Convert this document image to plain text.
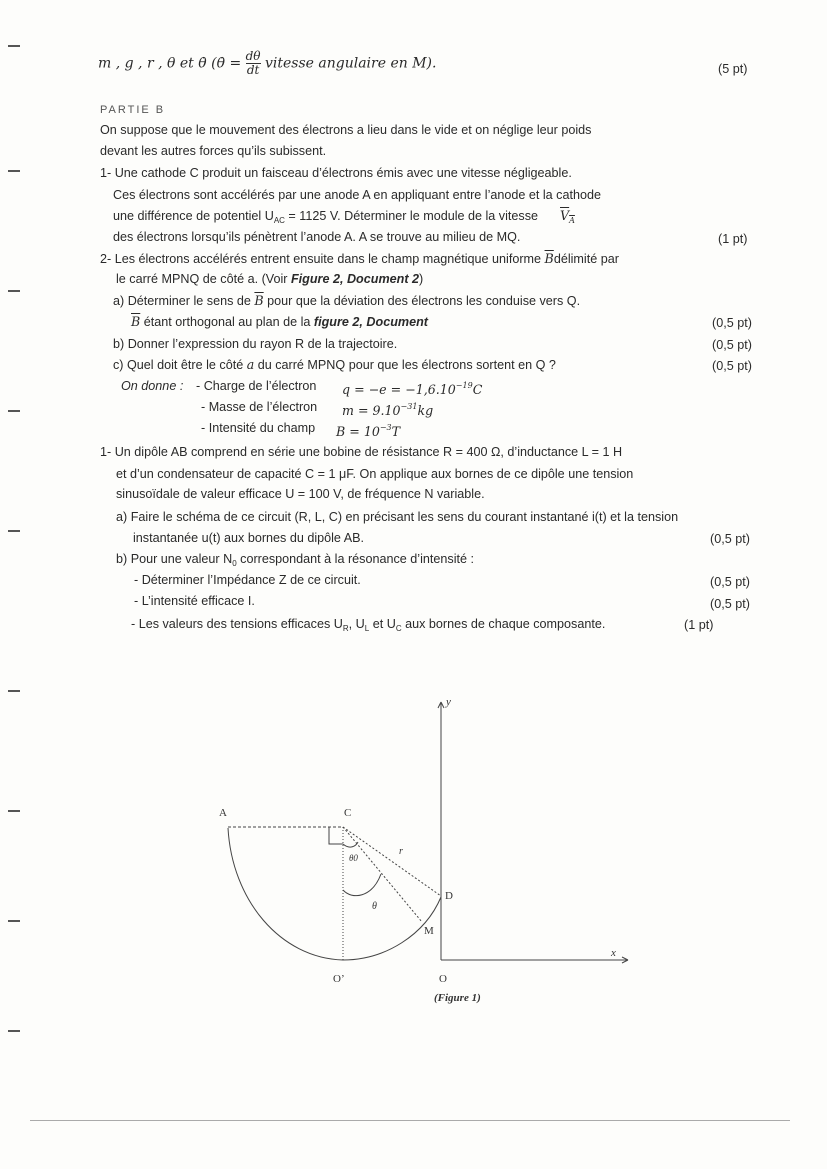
m , g , r , θ et θ̇ (θ̇ = $\frac{d\theta}{dt}$ vitesse angulaire en M).	(5 pt)
PARTIE B
On suppose que le mouvement des électrons a lieu dans le vide et on néglige leur poids
devant les autres forces qu’ils subissent.
1- Une cathode C produit un faisceau d’électrons émis avec une vitesse négligeable.
Ces électrons sont accélérés par une anode A en appliquant entre l’anode et la cathode
une différence de potentiel $U_{AC} = 1125$ V. Déterminer le module de la vitesse $V_A$
des électrons lorsqu’ils pénètrent l’anode A. A se trouve au milieu de MQ.	(1 pt)
2- Les électrons accélérés entrent ensuite dans le champ magnétique uniforme $\overline{B}délimité$ par
le carré MPNQ de côté a. (Voir Figure 2, Document 2)
a) Déterminer le sens de $\overline{B}$ pour que la déviation des électrons les conduise vers Q.
$\overline{B}$ étant orthogonal au plan de la figure 2, Document	(0,5 pt)
b) Donner l’expression du rayon R de la trajectoire.	(0,5 pt)
c) Quel doit être le côté a du carré MPNQ pour que les électrons sortent en Q ?	(0,5 pt)
On donne : - Charge de l’électron $q = -e = -1,6.10^{-19}C$
- Masse de l’électron $m = 9.10^{-31}kg$
- Intensité du champ $B = 10^{-3}T$
1- Un dipôle AB comprend en série une bobine de résistance R = 400 Ω, d’inductance L = 1 H
et d’un condensateur de capacité C = 1 μF. On applique aux bornes de ce dipôle une tension
sinusoïdale de valeur efficace U = 100 V, de fréquence N variable.
a) Faire le schéma de ce circuit (R, L, C) en précisant les sens du courant instantané i(t) et la tension
instantanée u(t) aux bornes du dipôle AB.	(0,5 pt)
b) Pour une valeur $N_0$ correspondant à la résonance d’intensité :
- Déterminer l’Impédance Z de ce circuit.	(0,5 pt)
- L’intensité efficace I.	(0,5 pt)
- Les valeurs des tensions efficaces $U_R$, $U_L$ et $U_C$ aux bornes de chaque composante.	(1 pt)
A	C
D
M
O’	O
x
y
r
θ0
θ
(Figure 1)
